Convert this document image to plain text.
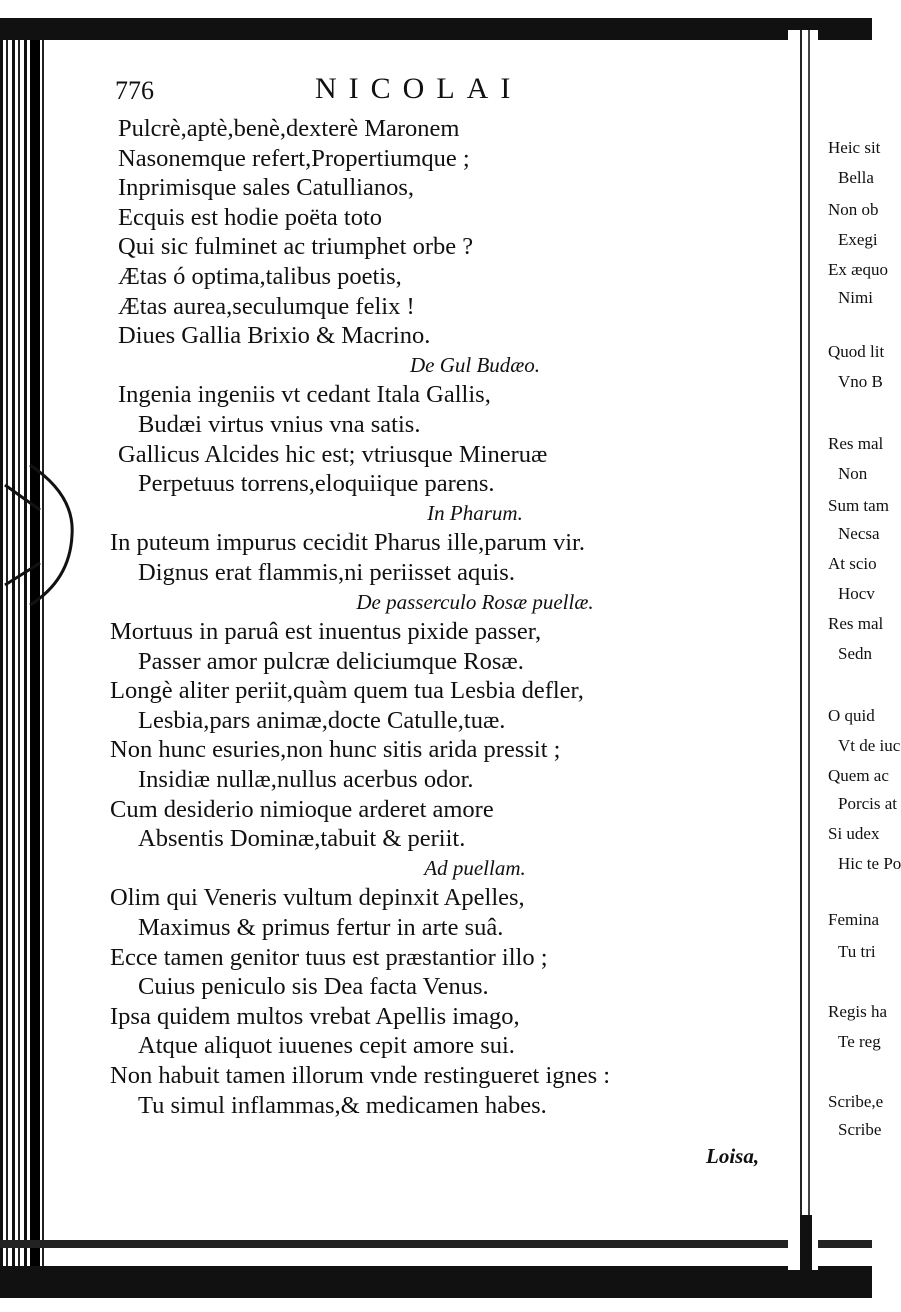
776	NICOLAI
Pulcrè,aptè,benè,dexterè Maronem
Nasonemque refert,Propertiumque ;
Inprimisque sales Catullianos,
Ecquis est hodie poëta toto
Qui sic fulminet ac triumphet orbe ?
Ætas ó optima,talibus poetis,
Ætas aurea,seculumque felix !
Diues Gallia Brixio & Macrino.
De Gul Budæo.
Ingenia ingeniis vt cedant Itala Gallis,
Budæi virtus vnius vna satis.
Gallicus Alcides hic est; vtriusque Mineruæ
Perpetuus torrens,eloquiique parens.
In Pharum.
In puteum impurus cecidit Pharus ille,parum vir.
Dignus erat flammis,ni periisset aquis.
De passerculo Rosæ puellæ.
Mortuus in paruâ est inuentus pixide passer,
Passer amor pulcræ deliciumque Rosæ.
Longè aliter periit,quàm quem tua Lesbia defler,
Lesbia,pars animæ,docte Catulle,tuæ.
Non hunc esuries,non hunc sitis arida pressit ;
Insidiæ nullæ,nullus acerbus odor.
Cum desiderio nimioque arderet amore
Absentis Dominæ,tabuit & periit.
Ad puellam.
Olim qui Veneris vultum depinxit Apelles,
Maximus & primus fertur in arte suâ.
Ecce tamen genitor tuus est præstantior illo ;
Cuius peniculo sis Dea facta Venus.
Ipsa quidem multos vrebat Apellis imago,
Atque aliquot iuuenes cepit amore sui.
Non habuit tamen illorum vnde restingueret ignes :
Tu simul inflammas,& medicamen habes.
Loisa,
Heic sit
Bella
Non ob
Exegi
Ex æquo
Nimi
Quod lit
Vno B
Res mal
Non
Sum tam
Necsa
At scio
Hocv
Res mal
Sedn
O quid
Vt de iuc
Quem ac
Porcis at
Si udex
Hic te Po
Femina
Tu tri
Regis ha
Te reg
Scribe,e
Scribe
